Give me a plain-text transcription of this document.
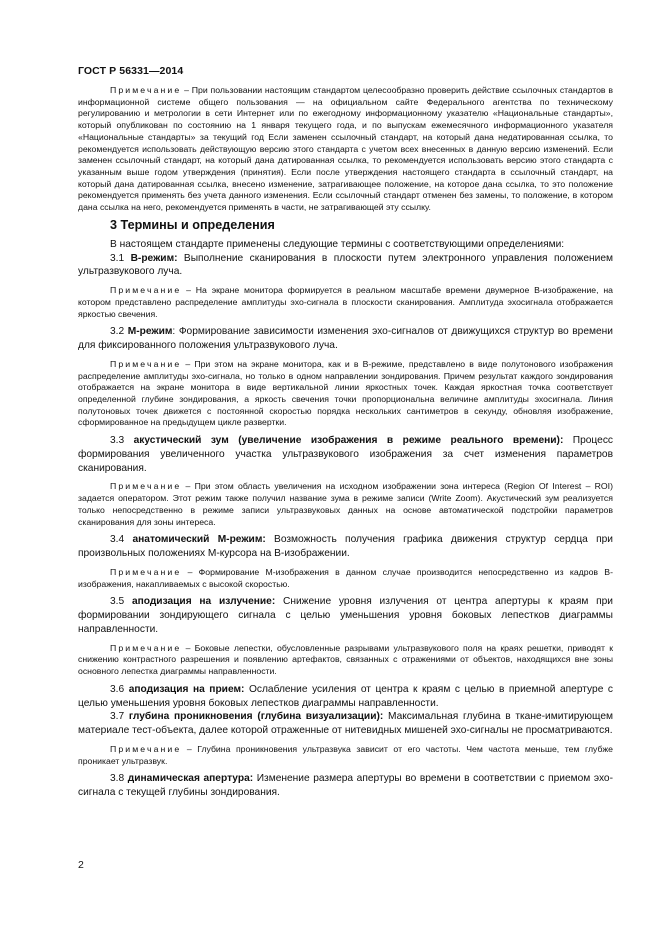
ГОСТ Р 56331—2014

Примечание – При пользовании настоящим стандартом целесообразно проверить действие ссылочных стандартов в информационной системе общего пользования — на официальном сайте Федерального агентства по техническому регулированию и метрологии в сети Интернет или по ежегодному информационному указателю «Национальные стандарты», который опубликован по состоянию на 1 января текущего года, и по выпускам ежемесячного информационного указателя «Национальные стандарты» за текущий год Если заменен ссылочный стандарт, на который дана недатированная ссылка, то рекомендуется использовать действующую версию этого стандарта с учетом всех внесенных в данную версию изменений. Если заменен ссылочный стандарт, на который дана датированная ссылка, то рекомендуется использовать версию этого стандарта с указанным выше годом утверждения (принятия). Если после утверждения настоящего стандарта в ссылочный стандарт, на который дана датированная ссылка, внесено изменение, затрагивающее положение, на которое дана ссылка, то это положение рекомендуется применять без учета данного изменения. Если ссылочный стандарт отменен без замены, то положение, в котором дана ссылка на него, рекомендуется применять в части, не затрагивающей эту ссылку.

3 Термины и определения

В настоящем стандарте применены следующие термины с соответствующими определениями:

3.1 В-режим: Выполнение сканирования в плоскости путем электронного управления положением ультразвукового луча.

Примечание – На экране монитора формируется в реальном масштабе времени двумерное В-изображение, на котором представлено распределение амплитуды эхо-сигнала в плоскости сканирования. Амплитуда эхосигнала отображается яркостью свечения.

3.2 М-режим: Формирование зависимости изменения эхо-сигналов от движущихся структур во времени для фиксированного положения ультразвукового луча.

Примечание – При этом на экране монитора, как и в В-режиме, представлено в виде полутонового изображения распределение амплитуды эхо-сигнала, но только в одном направлении зондирования. Причем результат каждого зондирования отображается на экране монитора в виде вертикальной линии яркостных точек. Каждая яркостная точка соответствует определенной глубине зондирования, а яркость свечения точки пропорциональна величине амплитуды эхосигнала. Линия полутоновых точек движется с постоянной скоростью порядка нескольких сантиметров в секунду, обновляя изображение, сформированное на предыдущем цикле развертки.

3.3 акустический зум (увеличение изображения в режиме реального времени): Процесс формирования увеличенного участка ультразвукового изображения за счет изменения параметров сканирования.

Примечание – При этом область увеличения на исходном изображении зона интереса (Region Of Interest – ROI) задается оператором. Этот режим также получил название зума в режиме записи (Write Zoom). Акустический зум реализуется только непосредственно в режиме записи ультразвуковых данных на основе автоматической подстройки параметров сканирования для зоны интереса.

3.4 анатомический М-режим: Возможность получения графика движения структур сердца при произвольных положениях М-курсора на В-изображении.

Примечание – Формирование М-изображения в данном случае производится непосредственно из кадров В-изображения, накапливаемых с высокой скоростью.

3.5 аподизация на излучение: Снижение уровня излучения от центра апертуры к краям при формировании зондирующего сигнала с целью уменьшения уровня боковых лепестков диаграммы направленности.

Примечание – Боковые лепестки, обусловленные разрывами ультразвукового поля на краях решетки, приводят к снижению контрастного разрешения и появлению артефактов, связанных с отражениями от объектов, находящихся вне зоны основного лепестка диаграммы направленности.

3.6 аподизация на прием: Ослабление усиления от центра к краям с целью в приемной апертуре с целью уменьшения уровня боковых лепестков диаграммы направленности.

3.7 глубина проникновения (глубина визуализации): Максимальная глубина в ткане-имитирующем материале тест-объекта, далее которой отраженные от нитевидных мишеней эхо-сигналы не просматриваются.

Примечание – Глубина проникновения ультразвука зависит от его частоты. Чем частота меньше, тем глубже проникает ультразвук.

3.8 динамическая апертура: Изменение размера апертуры во времени в соответствии с приемом эхо-сигнала с текущей глубины зондирования.

2
